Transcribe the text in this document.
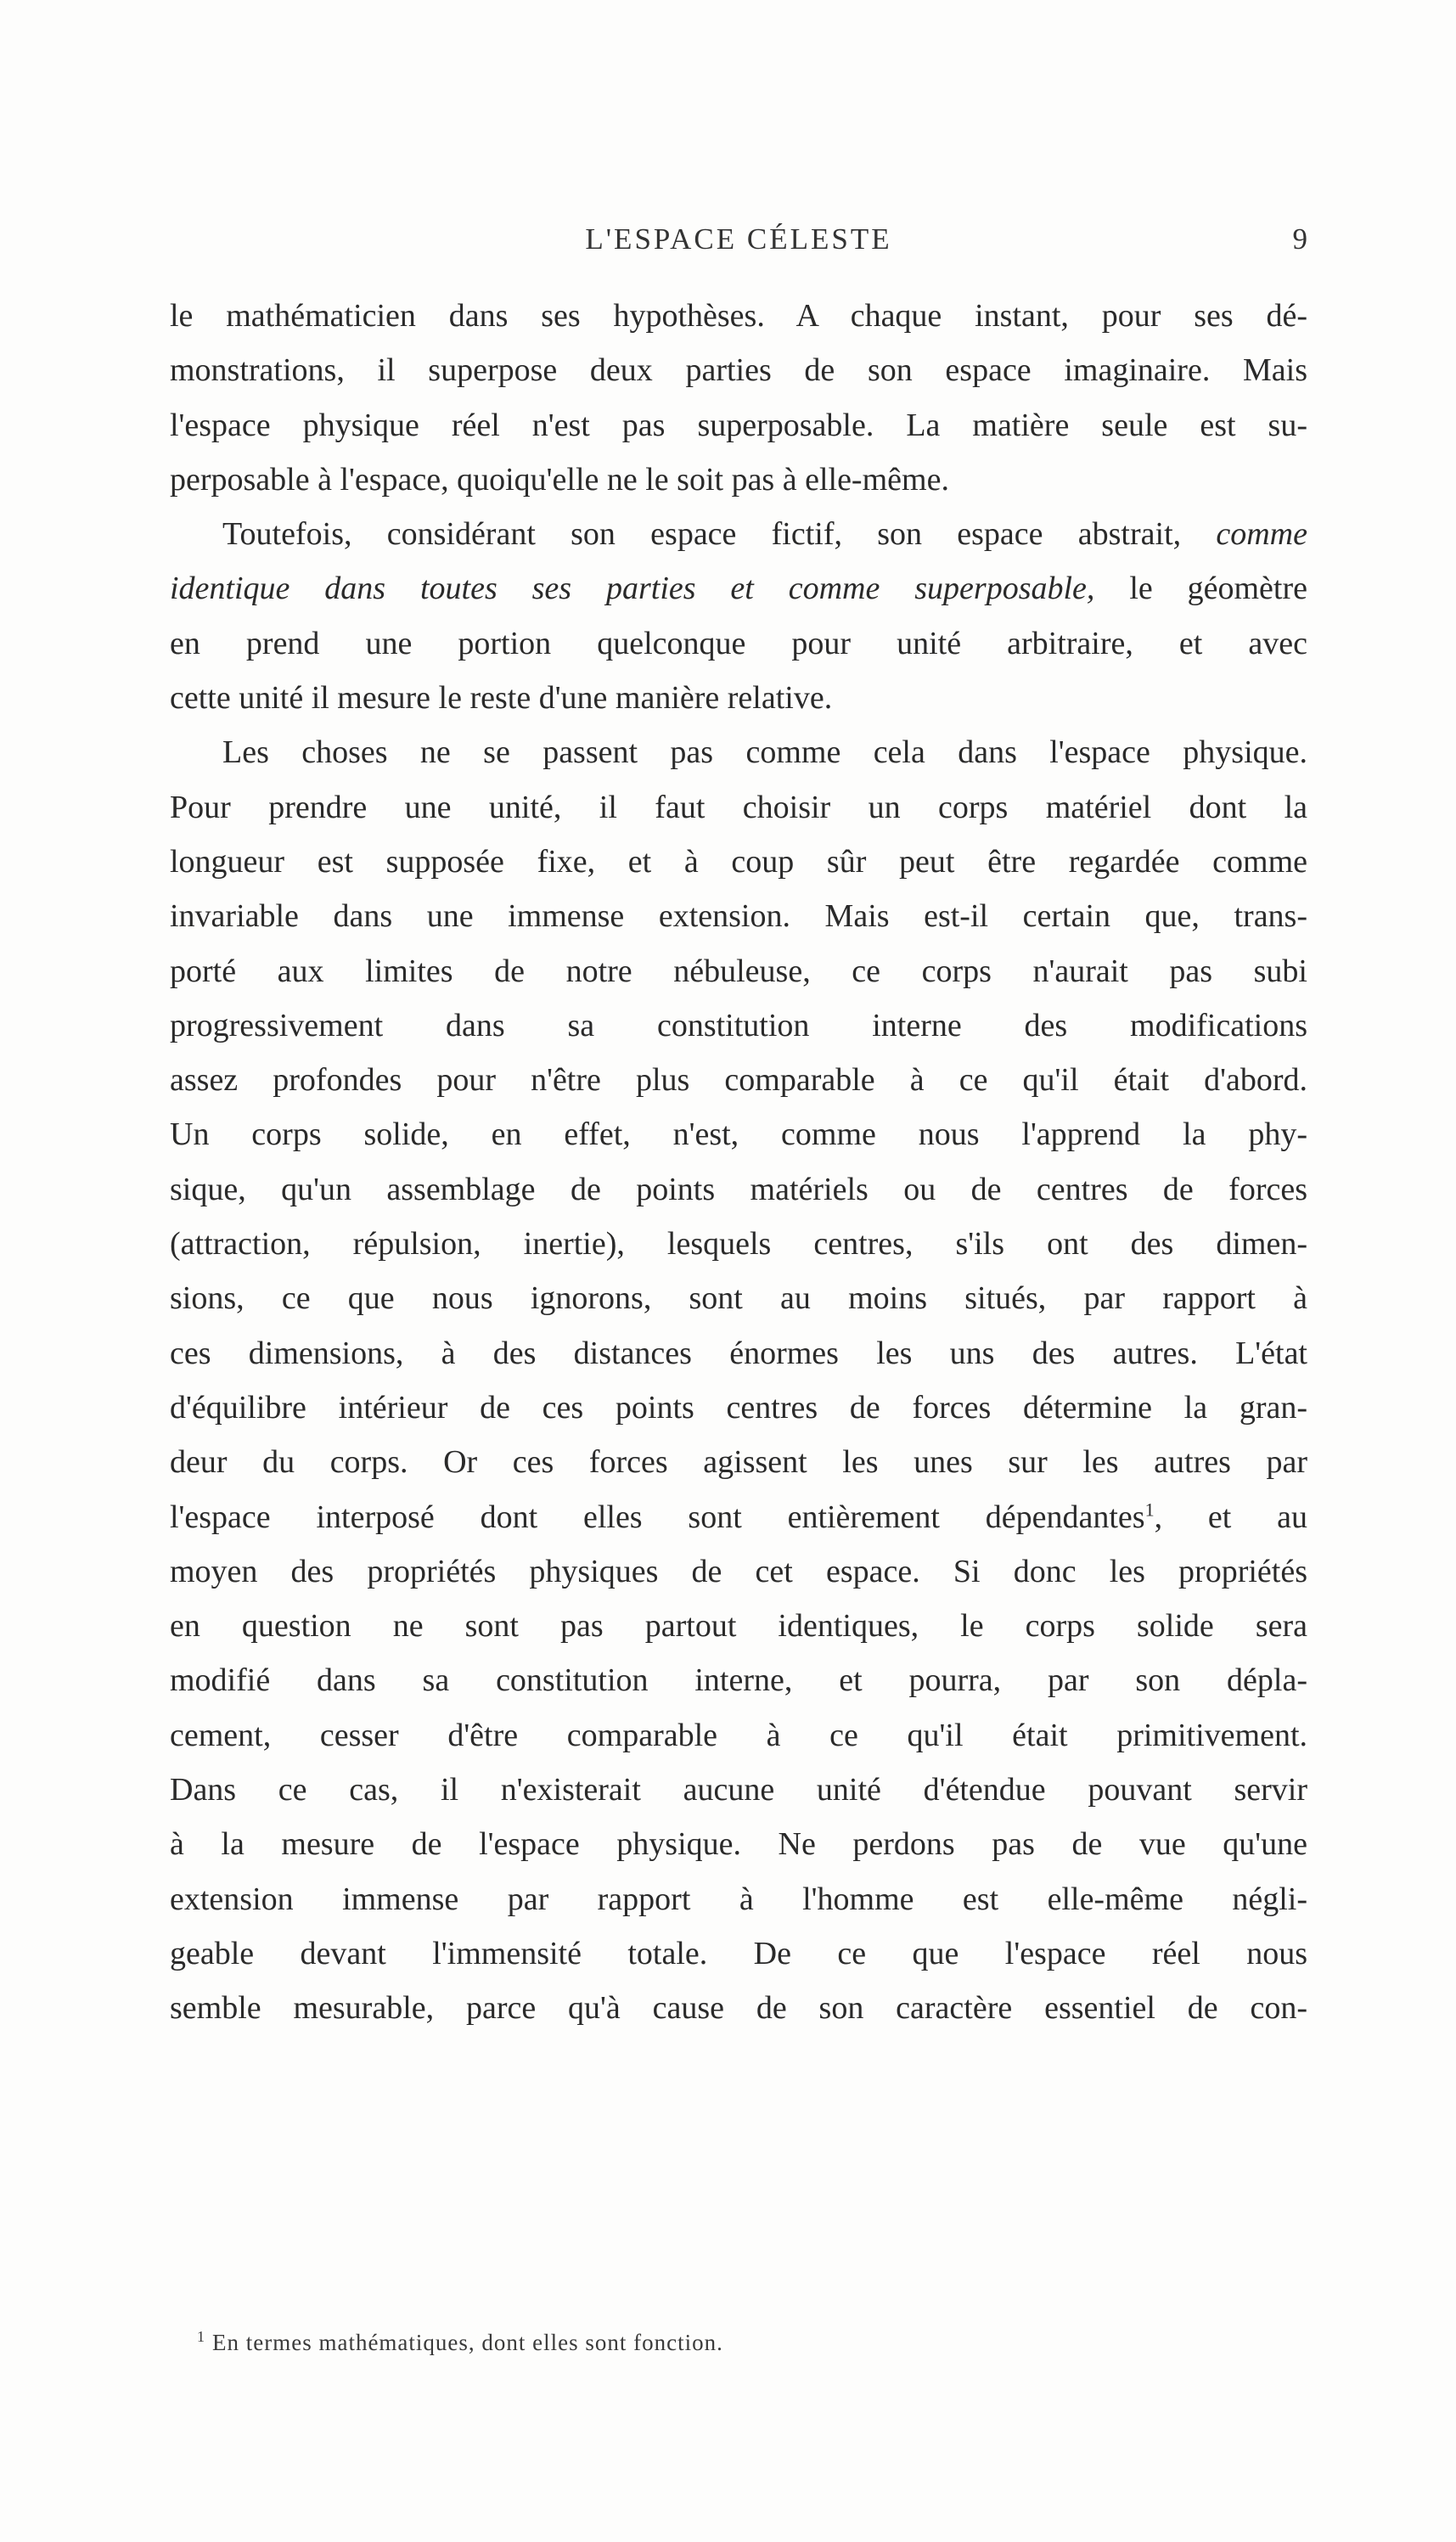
L'ESPACE CÉLESTE	9
le mathématicien dans ses hypothèses. A chaque instant, pour ses dé-
monstrations, il superpose deux parties de son espace imaginaire. Mais
l'espace physique réel n'est pas superposable. La matière seule est su-
perposable à l'espace, quoiqu'elle ne le soit pas à elle-même.
Toutefois, considérant son espace fictif, son espace abstrait, comme
identique dans toutes ses parties et comme superposable, le géomètre
en prend une portion quelconque pour unité arbitraire, et avec
cette unité il mesure le reste d'une manière relative.
Les choses ne se passent pas comme cela dans l'espace physique.
Pour prendre une unité, il faut choisir un corps matériel dont la
longueur est supposée fixe, et à coup sûr peut être regardée comme
invariable dans une immense extension. Mais est-il certain que, trans-
porté aux limites de notre nébuleuse, ce corps n'aurait pas subi
progressivement dans sa constitution interne des modifications
assez profondes pour n'être plus comparable à ce qu'il était d'abord.
Un corps solide, en effet, n'est, comme nous l'apprend la phy-
sique, qu'un assemblage de points matériels ou de centres de forces
(attraction, répulsion, inertie), lesquels centres, s'ils ont des dimen-
sions, ce que nous ignorons, sont au moins situés, par rapport à
ces dimensions, à des distances énormes les uns des autres. L'état
d'équilibre intérieur de ces points centres de forces détermine la gran-
deur du corps. Or ces forces agissent les unes sur les autres par
l'espace interposé dont elles sont entièrement dépendantes$^1$, et au
moyen des propriétés physiques de cet espace. Si donc les propriétés
en question ne sont pas partout identiques, le corps solide sera
modifié dans sa constitution interne, et pourra, par son dépla-
cement, cesser d'être comparable à ce qu'il était primitivement.
Dans ce cas, il n'existerait aucune unité d'étendue pouvant servir
à la mesure de l'espace physique. Ne perdons pas de vue qu'une
extension immense par rapport à l'homme est elle-même négli-
geable devant l'immensité totale. De ce que l'espace réel nous
semble mesurable, parce qu'à cause de son caractère essentiel de con-
$^1$ En termes mathématiques, dont elles sont fonction.
